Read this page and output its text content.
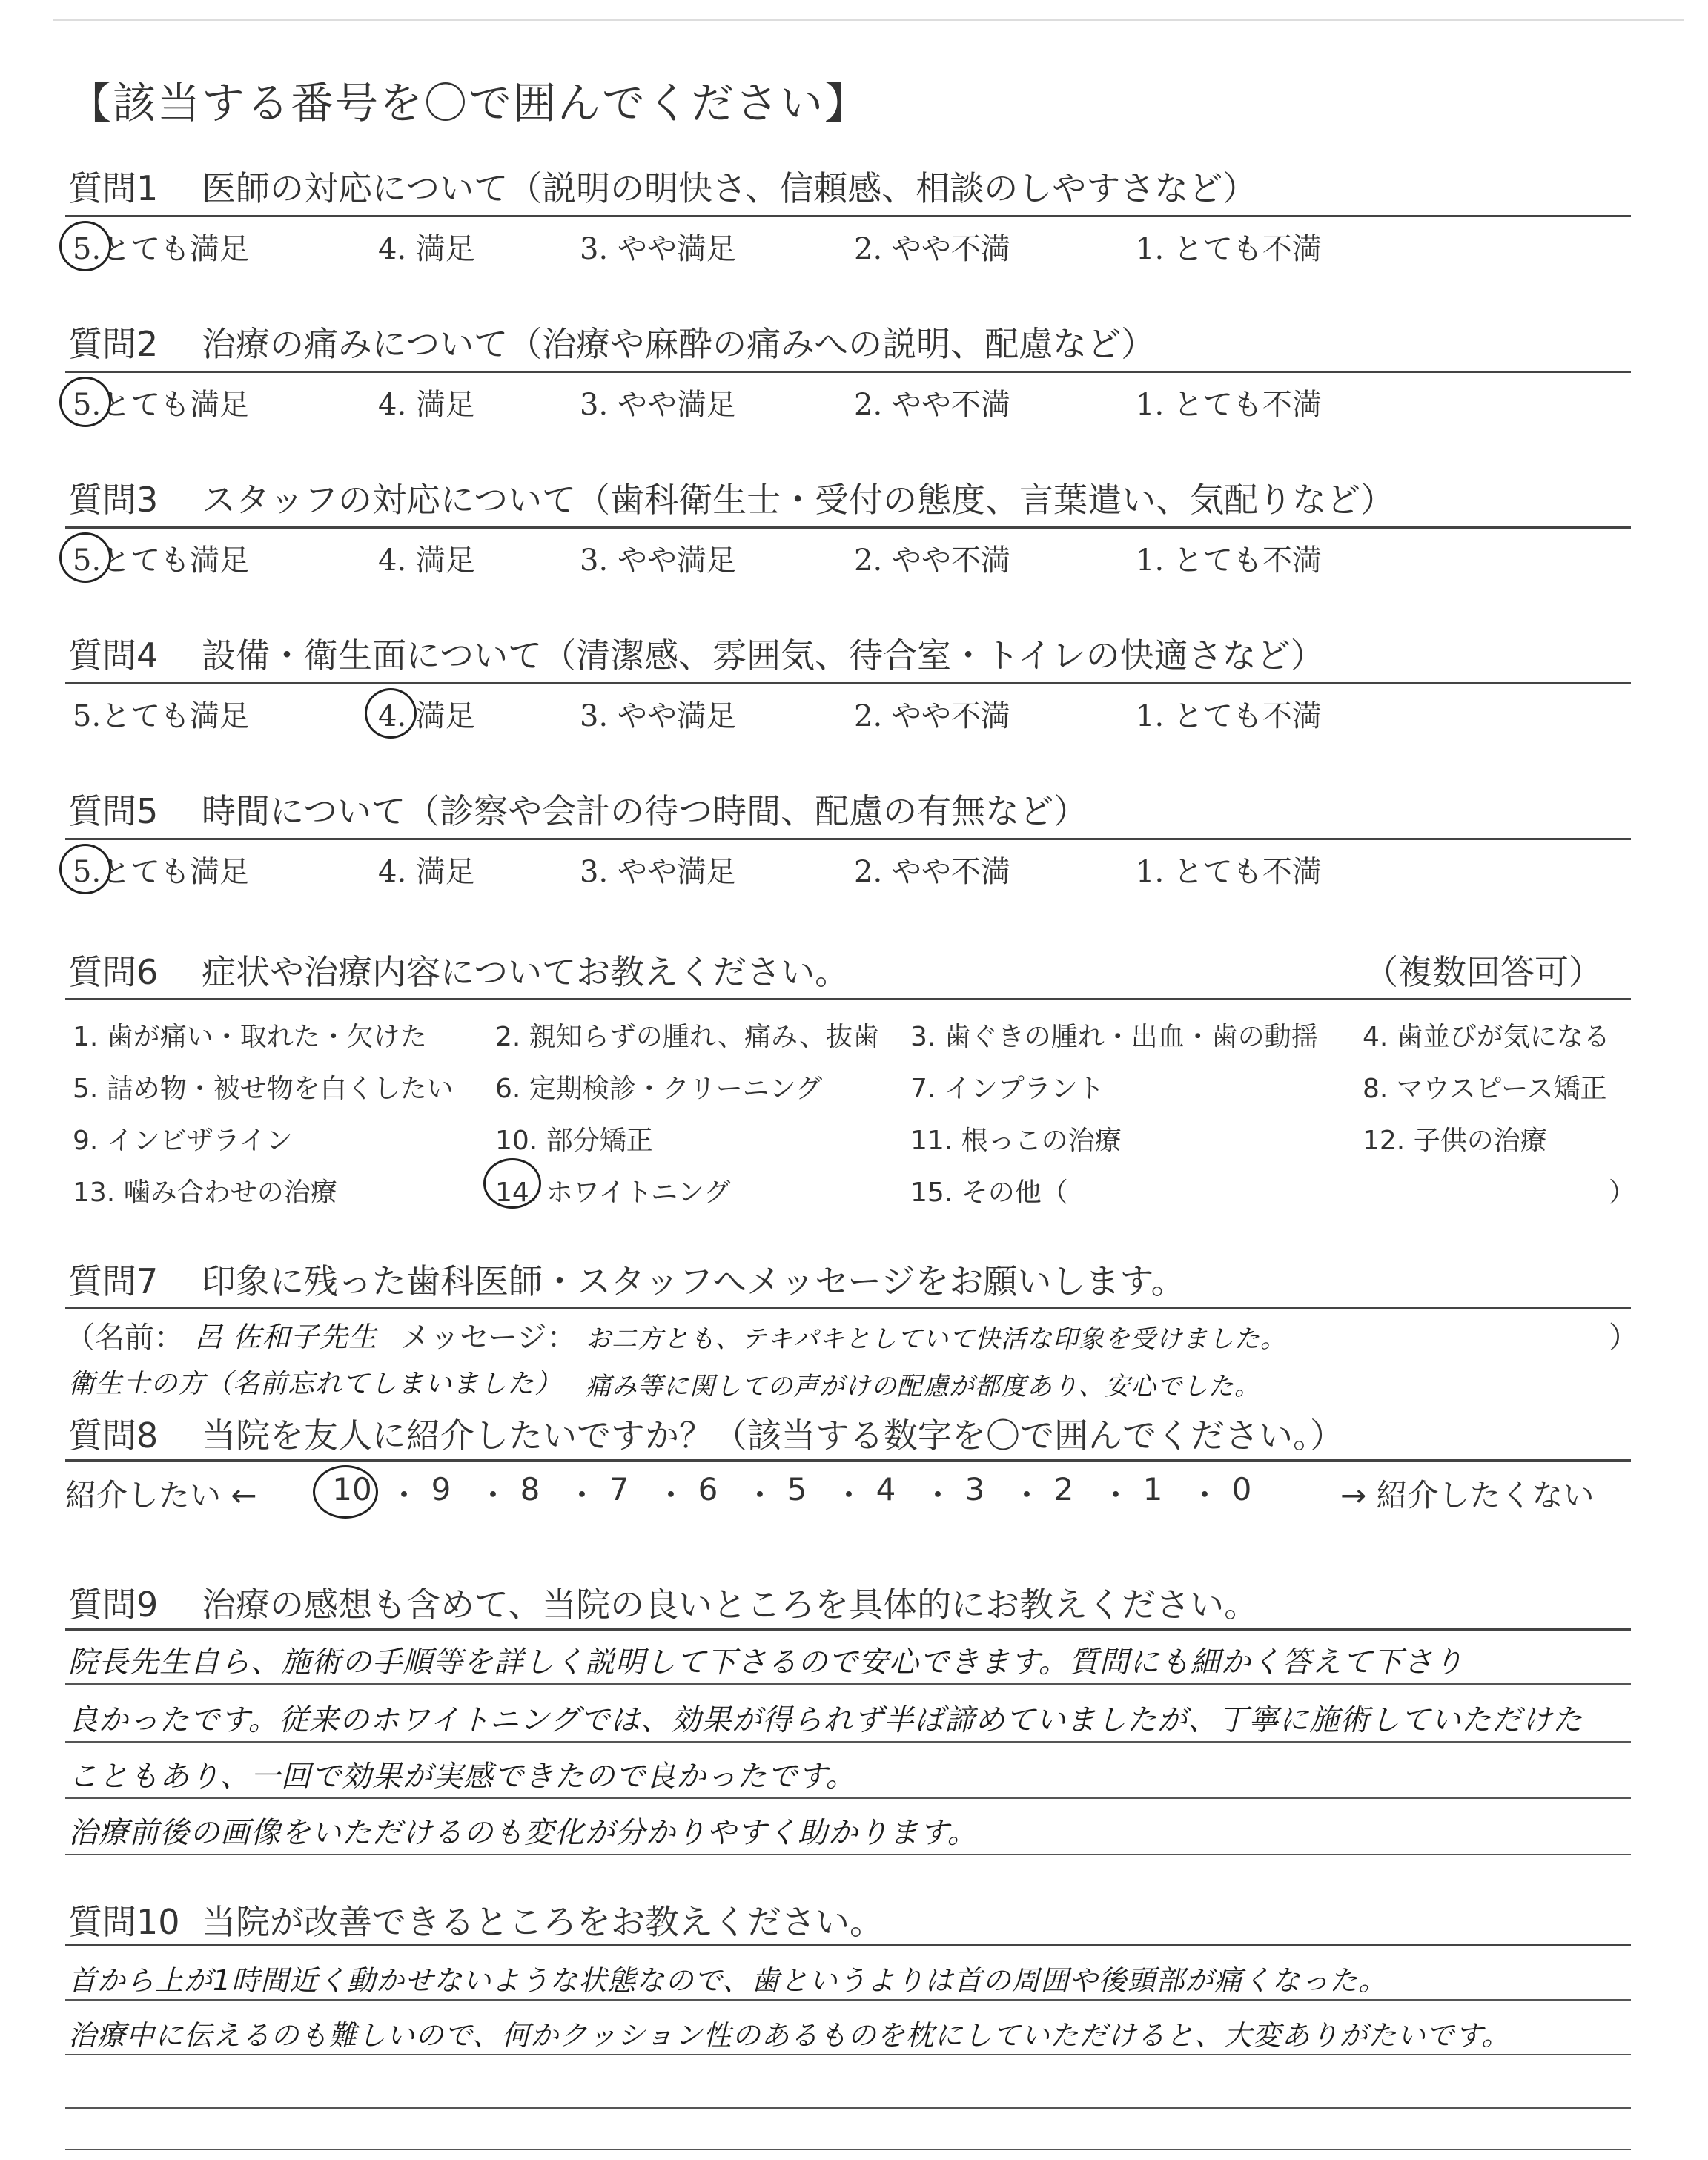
【該当する番号を〇で囲んでください】
質問1 医師の対応について（説明の明快さ、信頼感、相談のしやすさなど）
5.とても満足	4. 満足	3. やや満足	2. やや不満	1. とても不満
質問2 治療の痛みについて（治療や麻酔の痛みへの説明、配慮など）
5.とても満足	4. 満足	3. やや満足	2. やや不満	1. とても不満
質問3 スタッフの対応について（歯科衛生士・受付の態度、言葉遣い、気配りなど）
5.とても満足	4. 満足	3. やや満足	2. やや不満	1. とても不満
質問4 設備・衛生面について（清潔感、雰囲気、待合室・トイレの快適さなど）
5.とても満足	4. 満足	3. やや満足	2. やや不満	1. とても不満
質問5 時間について（診察や会計の待つ時間、配慮の有無など）
5.とても満足	4. 満足	3. やや満足	2. やや不満	1. とても不満
質問6 症状や治療内容についてお教えください。	（複数回答可）
1. 歯が痛い・取れた・欠けた	2. 親知らずの腫れ、痛み、抜歯 3. 歯ぐきの腫れ・出血・歯の動揺 4. 歯並びが気になる
5. 詰め物・被せ物を白くしたい 6. 定期検診・クリーニング	7. インプラント	8. マウスピース矯正
9. インビザライン	10. 部分矯正	11. 根っこの治療	12. 子供の治療
13. 噛み合わせの治療	14. ホワイトニング	15. その他（	）
質問7 印象に残った歯科医師・スタッフへメッセージをお願いします。
（名前： 呂 佐和子先生 メッセージ： お二方とも、テキパキとしていて快活な印象を受けました。	）
衛生士の方（名前忘れてしまいました） 痛み等に関しての声がけの配慮が都度あり、安心でした。
質問8 当院を友人に紹介したいですか？（該当する数字を〇で囲んでください。）
紹介したい ← 10 ・ 9 ・ 8 ・ 7 ・ 6 ・ 5 ・ 4 ・ 3 ・ 2 ・ 1 ・ 0	→ 紹介したくない
質問9 治療の感想も含めて、当院の良いところを具体的にお教えください。
院長先生自ら、施術の手順等を詳しく説明して下さるので安心できます。質問にも細かく答えて下さり
良かったです。従来のホワイトニングでは、効果が得られず半ば諦めていましたが、丁寧に施術していただけた
こともあり、一回で効果が実感できたので良かったです。
治療前後の画像をいただけるのも変化が分かりやすく助かります。
質問10 当院が改善できるところをお教えください。
首から上が1時間近く動かせないような状態なので、歯というよりは首の周囲や後頭部が痛くなった。
治療中に伝えるのも難しいので、何かクッション性のあるものを枕にしていただけると、大変ありがたいです。
